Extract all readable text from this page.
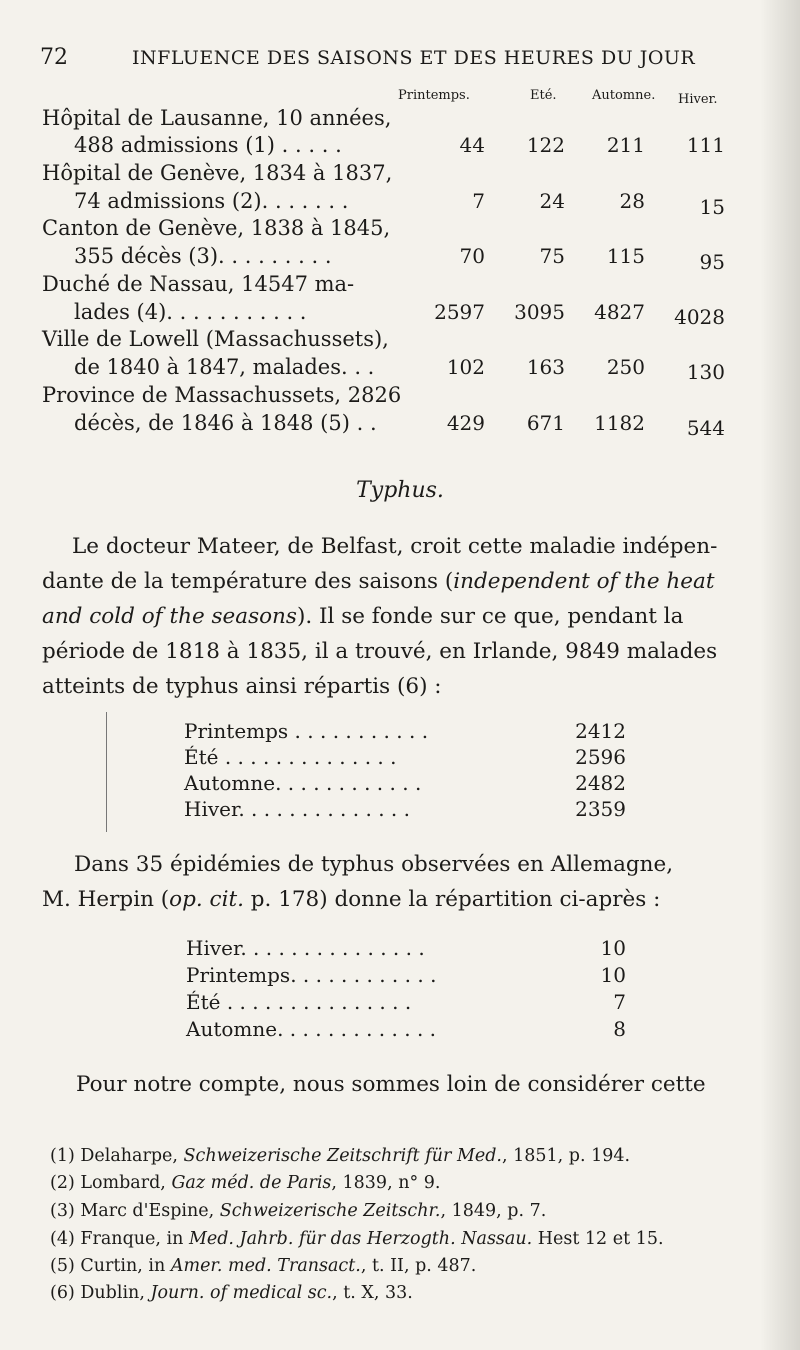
72	INFLUENCE DES SAISONS ET DES HEURES DU JOUR
Printemps.	Eté.	Automne. Hiver.
Hôpital de Lausanne, 10 années,
488 admissions (1) . . . . .	44	122	211	111
Hôpital de Genève, 1834 à 1837,
74 admissions (2). . . . . . .	7	24	28	15
Canton de Genève, 1838 à 1845,
355 décès (3). . . . . . . . .	70	75	115	95
Duché de Nassau, 14547 ma-
lades (4). . . . . . . . . . .	2597	3095	4827	4028
Ville de Lowell (Massachussets),
de 1840 à 1847, malades. . .	102	163	250	130
Province de Massachussets, 2826
décès, de 1846 à 1848 (5) . .	429	671	1182	544
Typhus.
Le docteur Mateer, de Belfast, croit cette maladie indépen-
dante de la température des saisons (independent of the heat
and cold of the seasons). Il se fonde sur ce que, pendant la
période de 1818 à 1835, il a trouvé, en Irlande, 9849 malades
atteints de typhus ainsi répartis (6) :
Printemps . . . . . . . . . . .	2412
Été . . . . . . . . . . . . . .	2596
Automne. . . . . . . . . . . .	2482
Hiver. . . . . . . . . . . . . .	2359
Dans 35 épidémies de typhus observées en Allemagne,
M. Herpin (op. cit. p. 178) donne la répartition ci-après :
Hiver. . . . . . . . . . . . . . .	10
Printemps. . . . . . . . . . . .	10
Été . . . . . . . . . . . . . . .	7
Automne. . . . . . . . . . . . .	8
Pour notre compte, nous sommes loin de considérer cette
(1) Delaharpe, Schweizerische Zeitschrift für Med., 1851, p. 194.
(2) Lombard, Gaz méd. de Paris, 1839, n° 9.
(3) Marc d'Espine, Schweizerische Zeitschr., 1849, p. 7.
(4) Franque, in Med. Jahrb. für das Herzogth. Nassau. Hest 12 et 15.
(5) Curtin, in Amer. med. Transact., t. II, p. 487.
(6) Dublin, Journ. of medical sc., t. X, 33.
